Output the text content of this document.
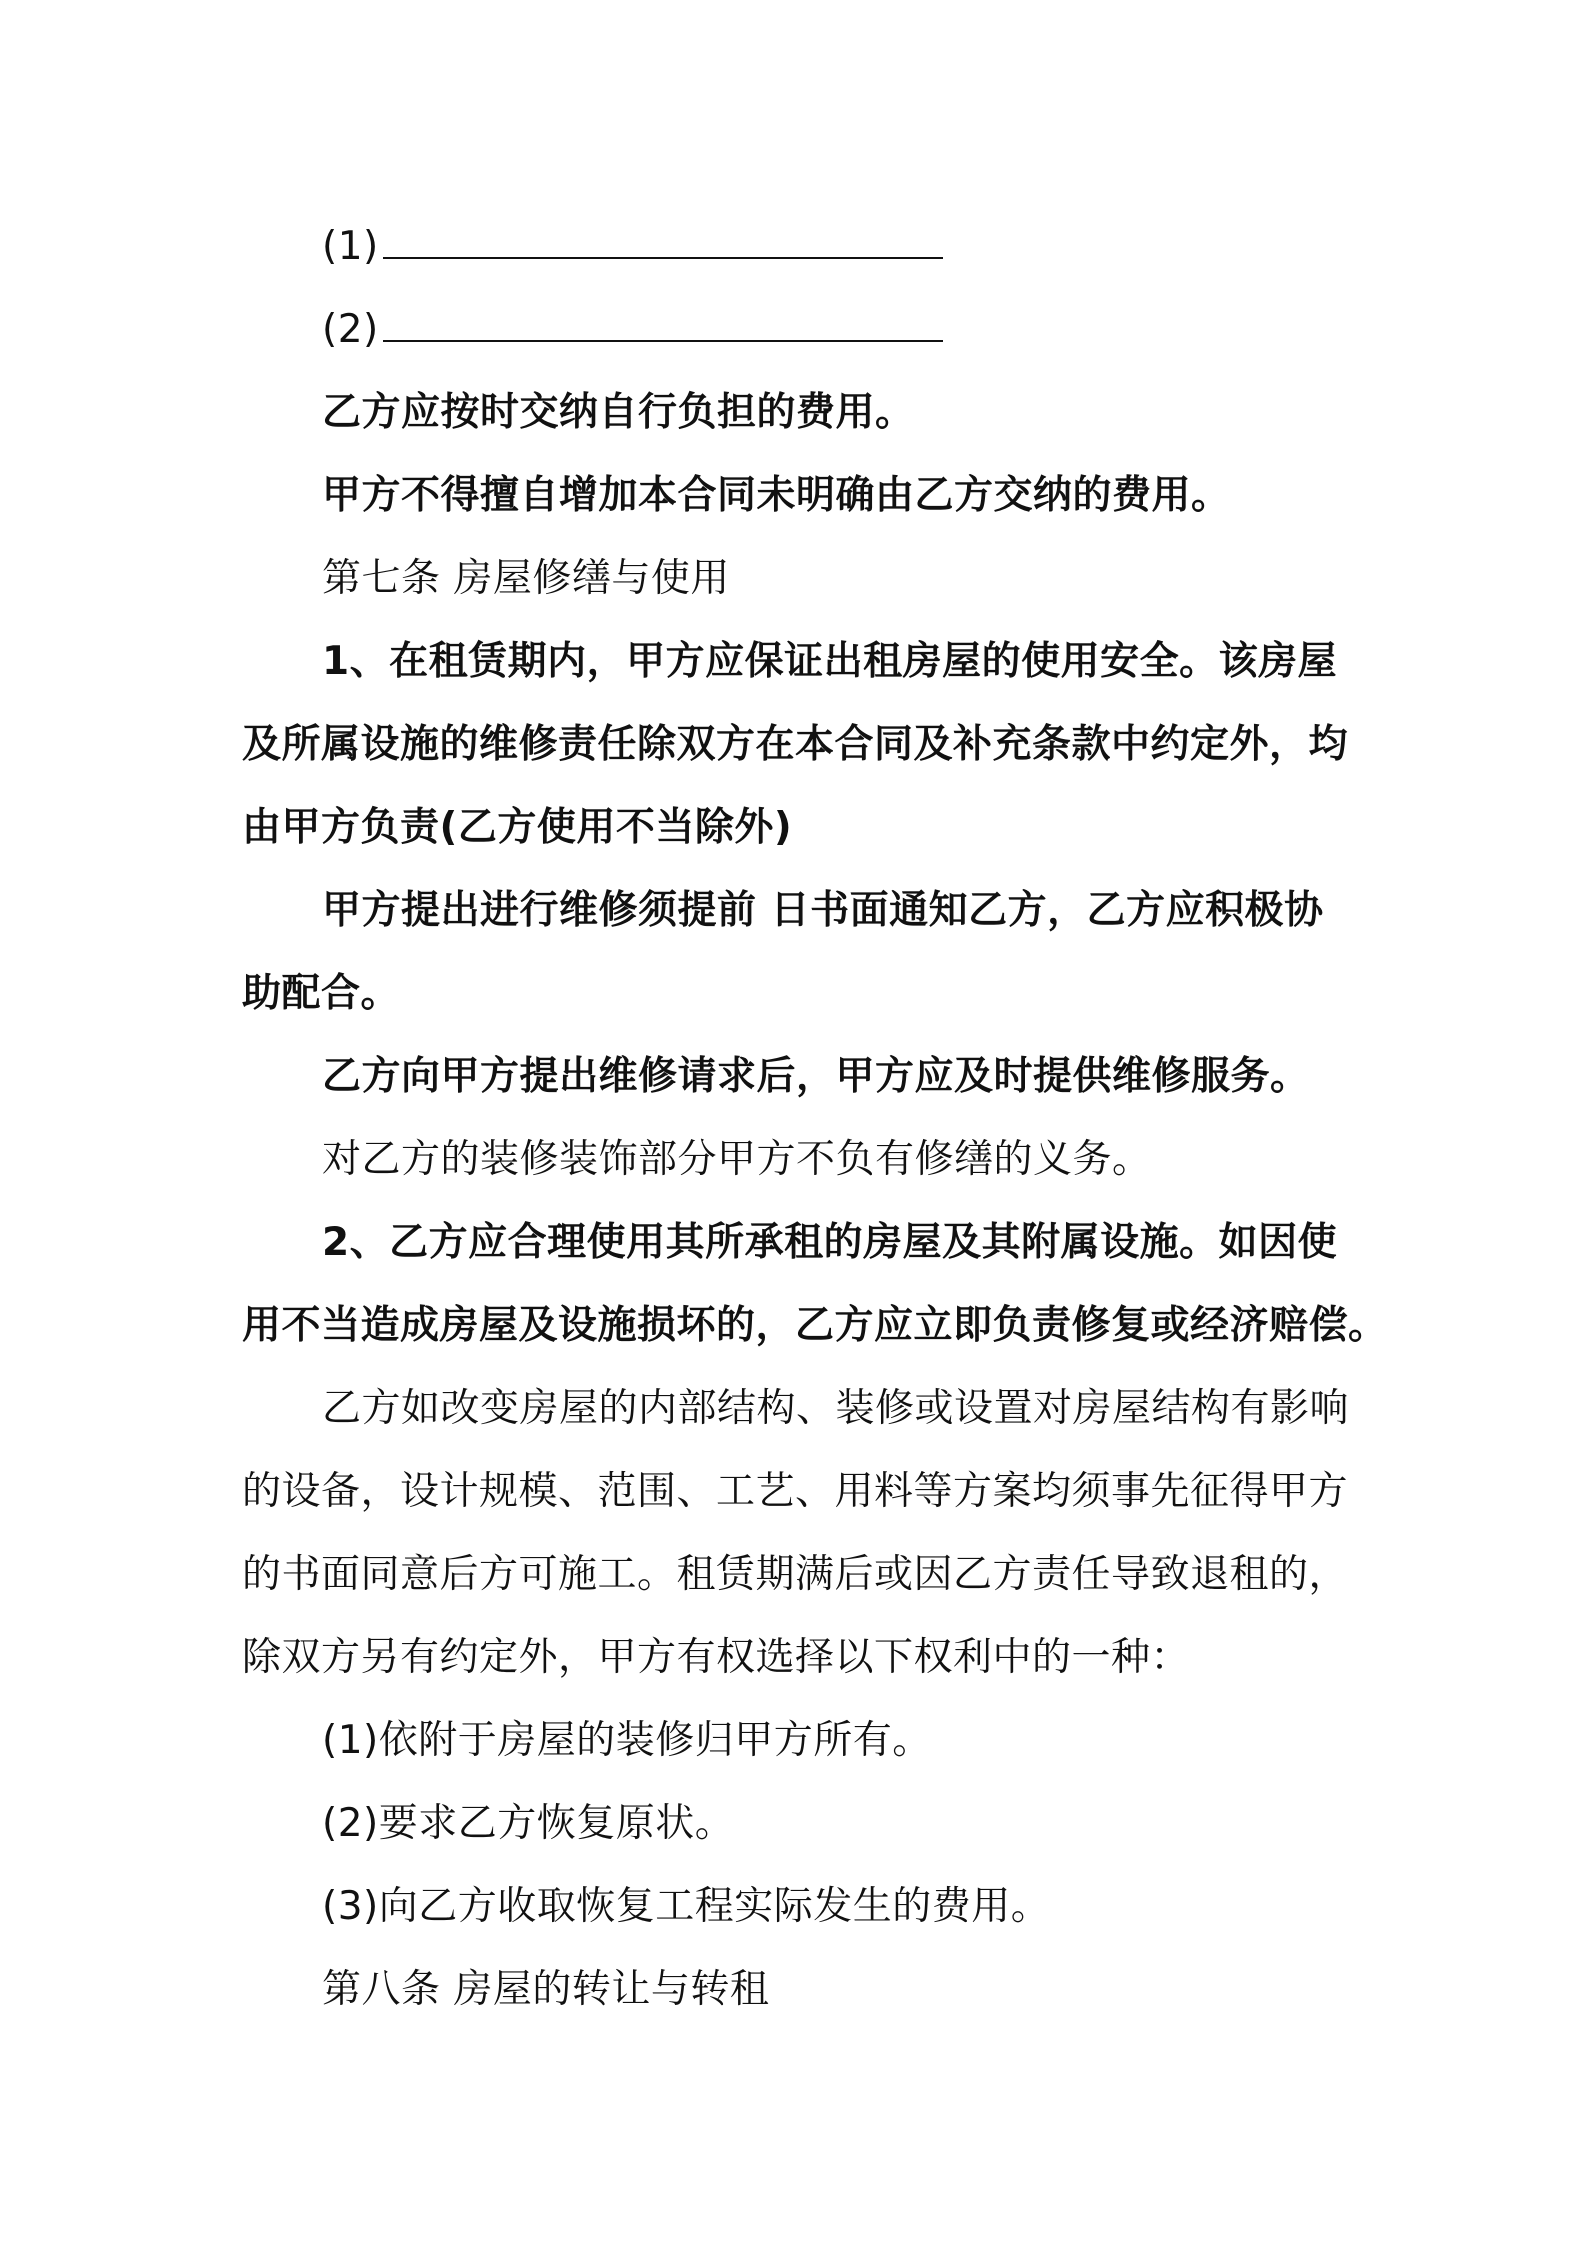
(1)
(2)
乙方应按时交纳自行负担的费用。
甲方不得擅自增加本合同未明确由乙方交纳的费用。
第七条 房屋修缮与使用
1、在租赁期内，甲方应保证出租房屋的使用安全。该房屋
及所属设施的维修责任除双方在本合同及补充条款中约定外，均
由甲方负责(乙方使用不当除外)
甲方提出进行维修须提前 日书面通知乙方，乙方应积极协
助配合。
乙方向甲方提出维修请求后，甲方应及时提供维修服务。
对乙方的装修装饰部分甲方不负有修缮的义务。
2、乙方应合理使用其所承租的房屋及其附属设施。如因使
用不当造成房屋及设施损坏的，乙方应立即负责修复或经济赔偿。
乙方如改变房屋的内部结构、装修或设置对房屋结构有影响
的设备，设计规模、范围、工艺、用料等方案均须事先征得甲方
的书面同意后方可施工。租赁期满后或因乙方责任导致退租的，
除双方另有约定外，甲方有权选择以下权利中的一种：
(1)依附于房屋的装修归甲方所有。
(2)要求乙方恢复原状。
(3)向乙方收取恢复工程实际发生的费用。
第八条 房屋的转让与转租
